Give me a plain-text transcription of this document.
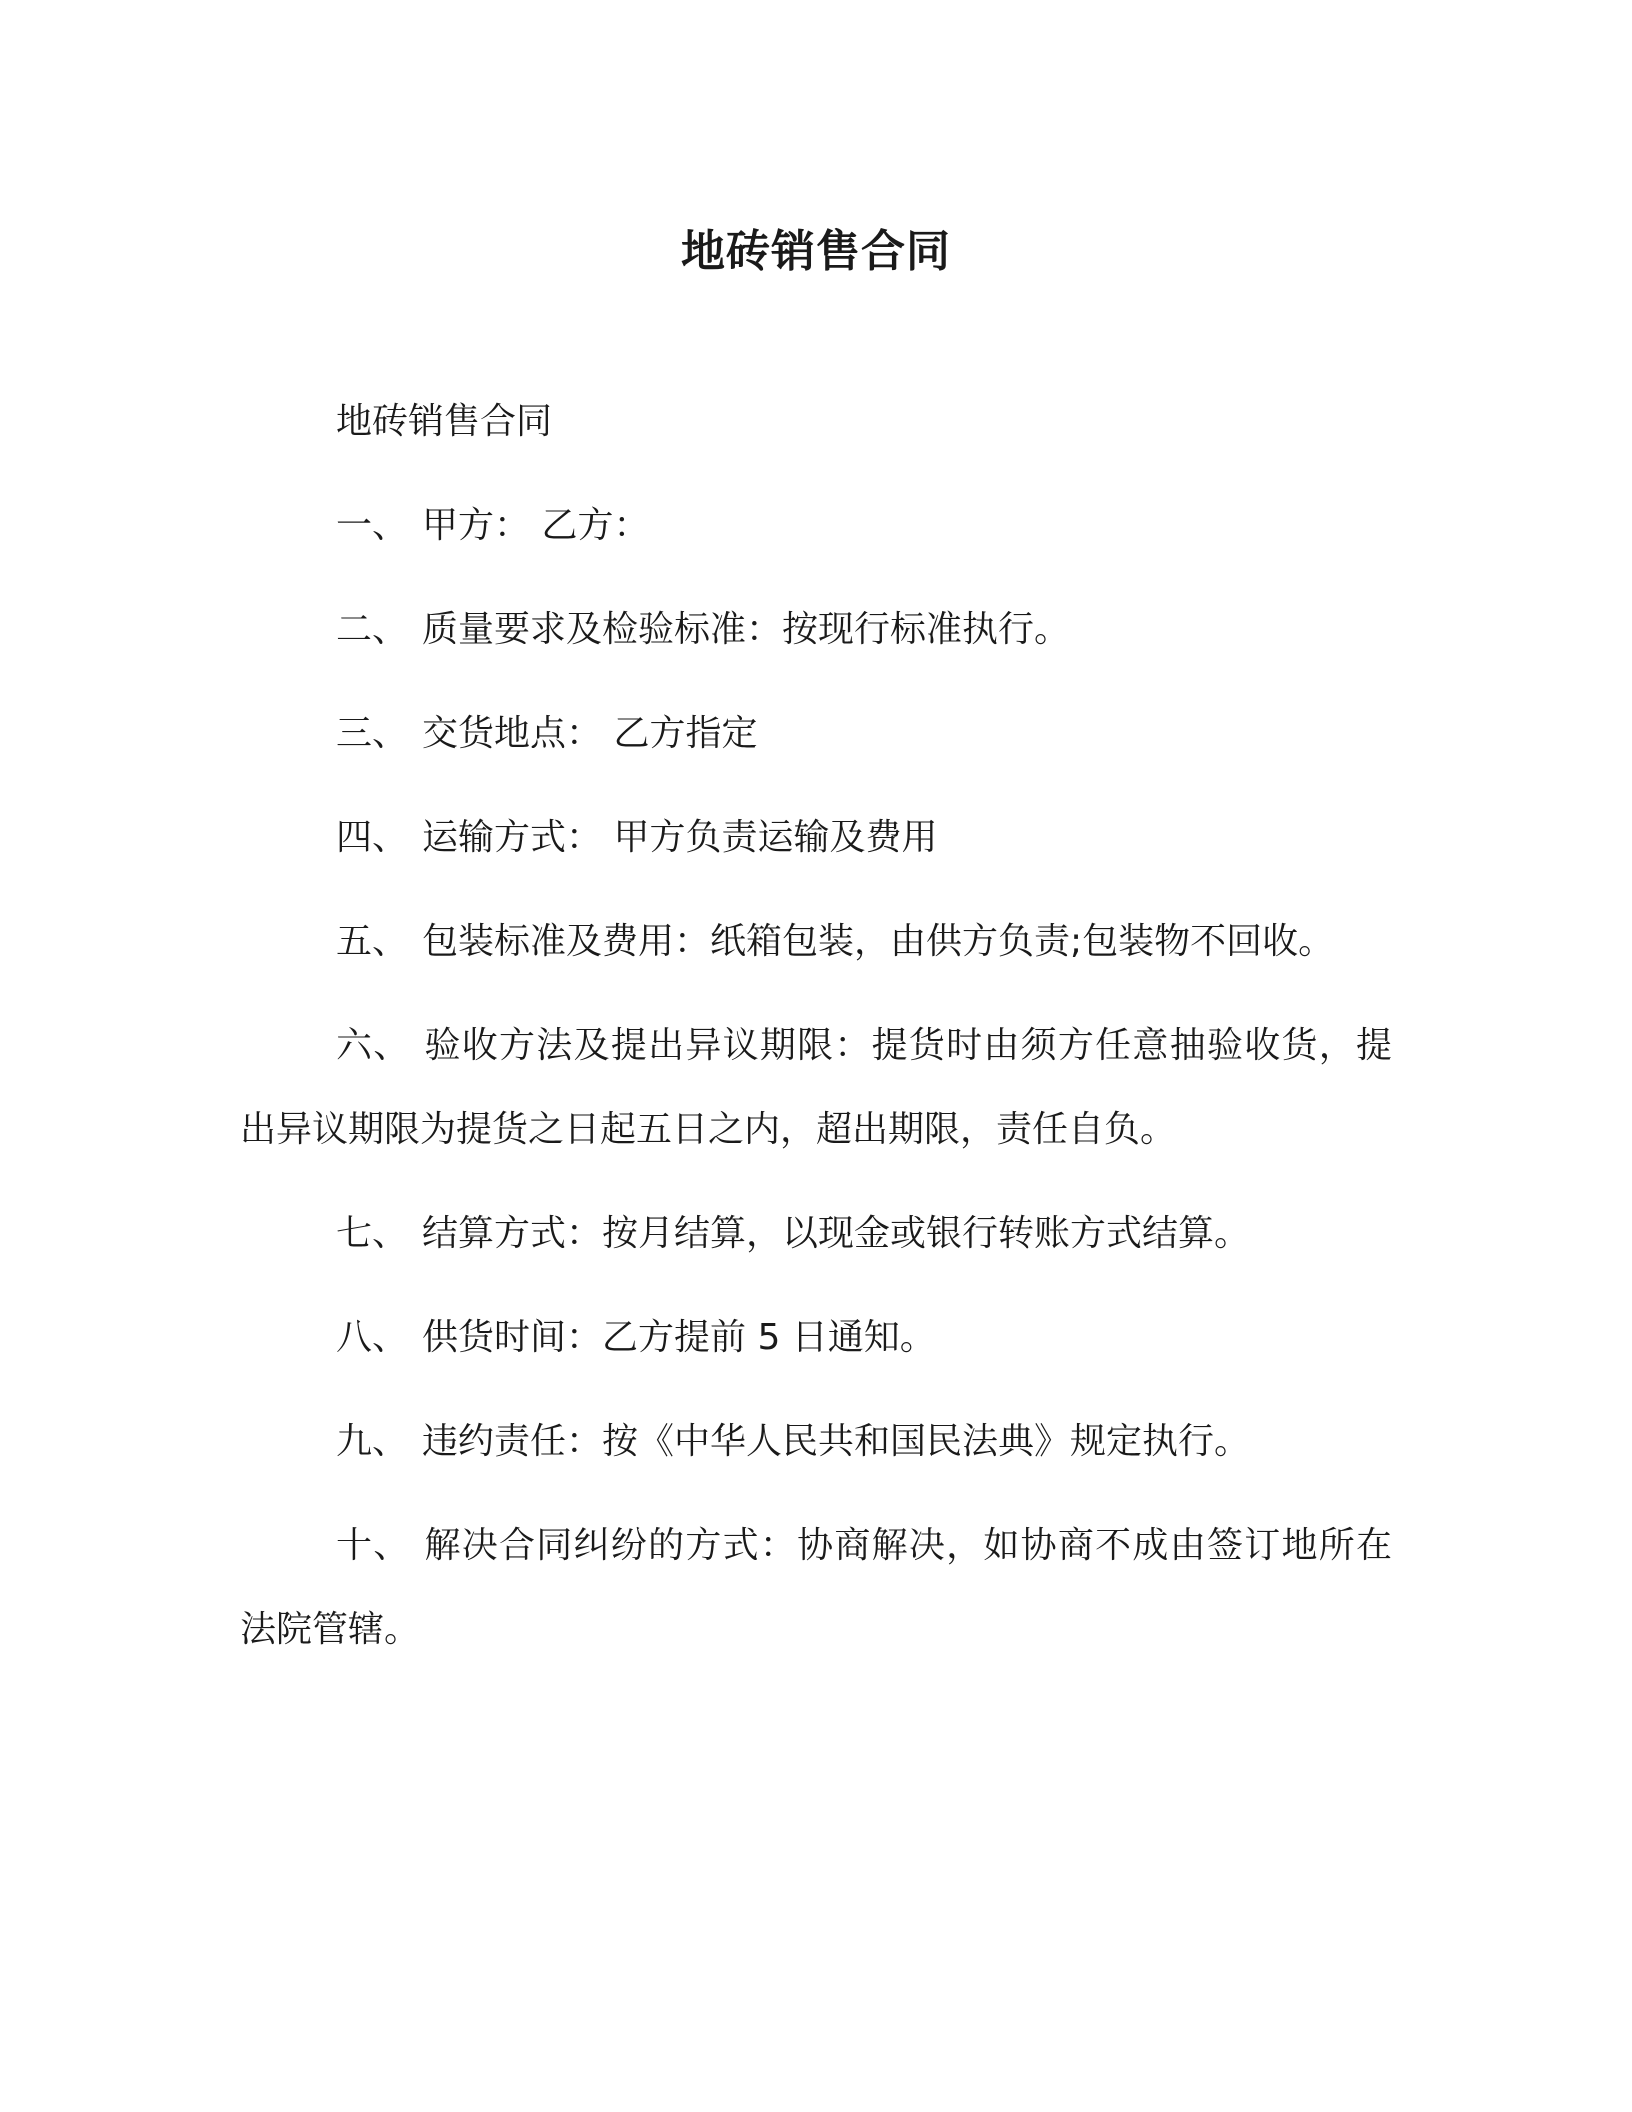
地砖销售合同

地砖销售合同

一、 甲方： 乙方：

二、 质量要求及检验标准：按现行标准执行。

三、 交货地点： 乙方指定

四、 运输方式： 甲方负责运输及费用

五、 包装标准及费用：纸箱包装，由供方负责;包装物不回收。

六、 验收方法及提出异议期限：提货时由须方任意抽验收货，提出异议期限为提货之日起五日之内，超出期限，责任自负。

七、 结算方式：按月结算，以现金或银行转账方式结算。

八、 供货时间：乙方提前 5 日通知。

九、 违约责任：按《中华人民共和国民法典》规定执行。

十、 解决合同纠纷的方式：协商解决，如协商不成由签订地所在法院管辖。
